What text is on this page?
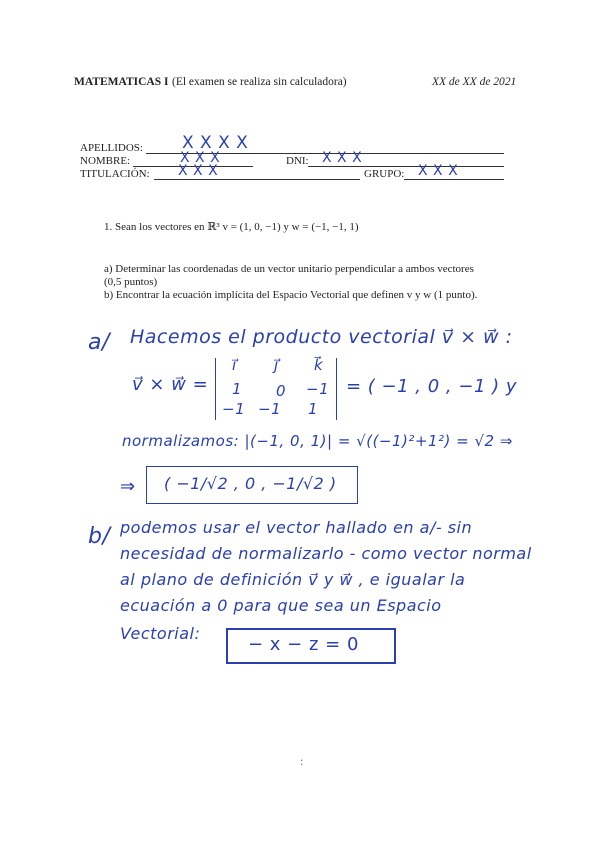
MATEMATICAS I (El examen se realiza sin calculadora)	XX de XX de 2021
APELLIDOS: X X X X
NOMBRE:	X X X	DNI: X X X
TITULACIÓN: X X X	GRUPO: X X X
1. Sean los vectores en ℝ³ v = (1, 0, −1) y w = (−1, −1, 1)
a) Determinar las coordenadas de un vector unitario perpendicular a ambos vectores
(0,5 puntos)
b) Encontrar la ecuación implícita del Espacio Vectorial que definen v y w (1 punto).
a/ Hacemos el producto vectorial v⃗ × w⃗ :
v⃗ × w⃗ =
i⃗ j⃗ k⃗
1 0 −1
−1 −1 1
= ( −1 , 0 , −1 ) y
normalizamos: |(−1, 0, 1)| = √((−1)²+1²) = √2 ⇒
⇒ ( −1/√2 , 0 , −1/√2 )
b/ podemos usar el vector hallado en a/- sin
necesidad de normalizarlo - como vector normal
al plano de definición v⃗ y w⃗ , e igualar la
ecuación a 0 para que sea un Espacio
Vectorial:
− x − z = 0
:
